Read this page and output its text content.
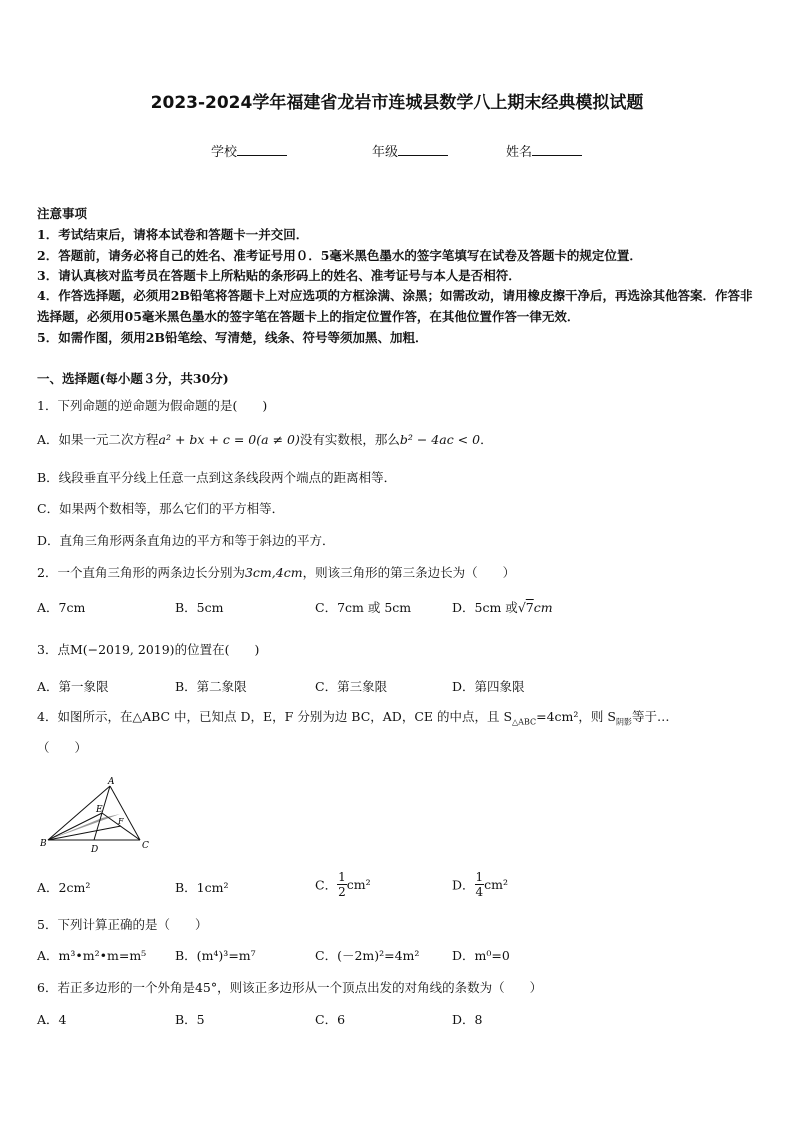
2023-2024学年福建省龙岩市连城县数学八上期末经典模拟试题
学校	年级	姓名
注意事项
1．考试结束后，请将本试卷和答题卡一并交回．
2．答题前，请务必将自己的姓名、准考证号用０．5毫米黑色墨水的签字笔填写在试卷及答题卡的规定位置．
3．请认真核对监考员在答题卡上所粘贴的条形码上的姓名、准考证号与本人是否相符．
4．作答选择题，必须用2B铅笔将答题卡上对应选项的方框涂满、涂黑；如需改动，请用橡皮擦干净后，再选涂其他答案．作答非选择题，必须用05毫米黑色墨水的签字笔在答题卡上的指定位置作答，在其他位置作答一律无效．
5．如需作图，须用2B铅笔绘、写清楚，线条、符号等须加黑、加粗．
一、选择题(每小题３分，共30分)
1．下列命题的逆命题为假命题的是(　　)
A．如果一元二次方程a² + bx + c = 0(a ≠ 0)没有实数根，那么b² − 4ac < 0．
B．线段垂直平分线上任意一点到这条线段两个端点的距离相等．
C．如果两个数相等，那么它们的平方相等．
D．直角三角形两条直角边的平方和等于斜边的平方．
2．一个直角三角形的两条边长分别为3cm,4cm，则该三角形的第三条边长为（　　）
A．7cm	B．5cm	C．7cm 或 5cm	D．5cm 或√7cm
3．点M(−2019, 2019)的位置在(　　)
A．第一象限	B．第二象限	C．第三象限	D．第四象限
4．如图所示，在△ABC 中，已知点 D，E，F 分别为边 BC，AD，CE 的中点，且 $S_{\triangle ABC}=4cm^2$，则 $S_{阴影}$等于…
（　　）
A
B	C
D
E
F
A．2cm²	B．1cm²	C． $\frac{1}{2} cm^2$	D． $\frac{1}{4} cm^2$
5．下列计算正确的是（　　）
A．m³•m²•m=m⁵ B．(m⁴)³=m⁷	C．(－2m)²=4m²	D．m⁰=0
6．若正多边形的一个外角是45°，则该正多边形从一个顶点出发的对角线的条数为（　　）
A．4	B．5	C．6	D．8
